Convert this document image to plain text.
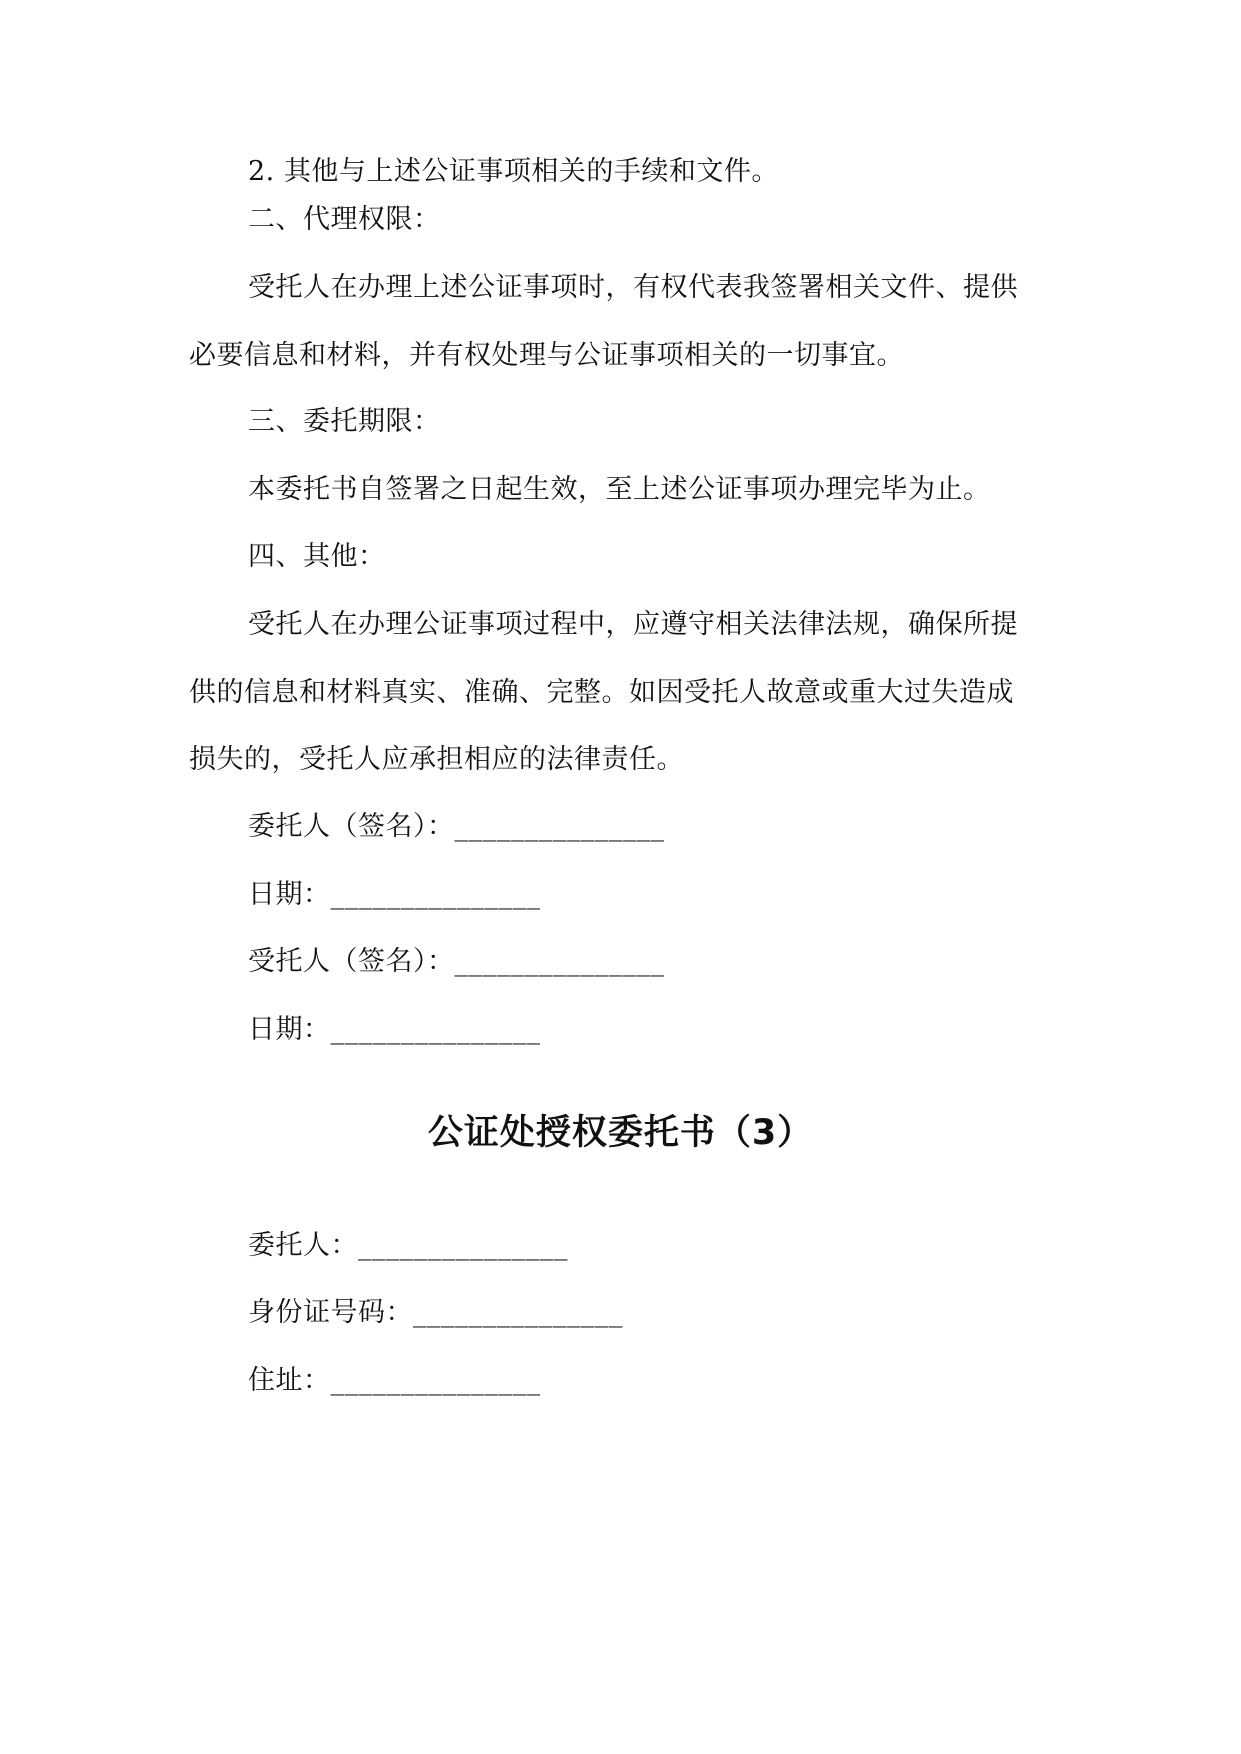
2. 其他与上述公证事项相关的手续和文件。
二、代理权限：
受托人在办理上述公证事项时，有权代表我签署相关文件、提供
必要信息和材料，并有权处理与公证事项相关的一切事宜。
三、委托期限：
本委托书自签署之日起生效，至上述公证事项办理完毕为止。
四、其他：
受托人在办理公证事项过程中，应遵守相关法律法规，确保所提
供的信息和材料真实、准确、完整。如因受托人故意或重大过失造成
损失的，受托人应承担相应的法律责任。
委托人（签名）：_______________
日期：_______________
受托人（签名）：_______________
日期：_______________
公证处授权委托书（3）
委托人：_______________
身份证号码：_______________
住址：_______________
